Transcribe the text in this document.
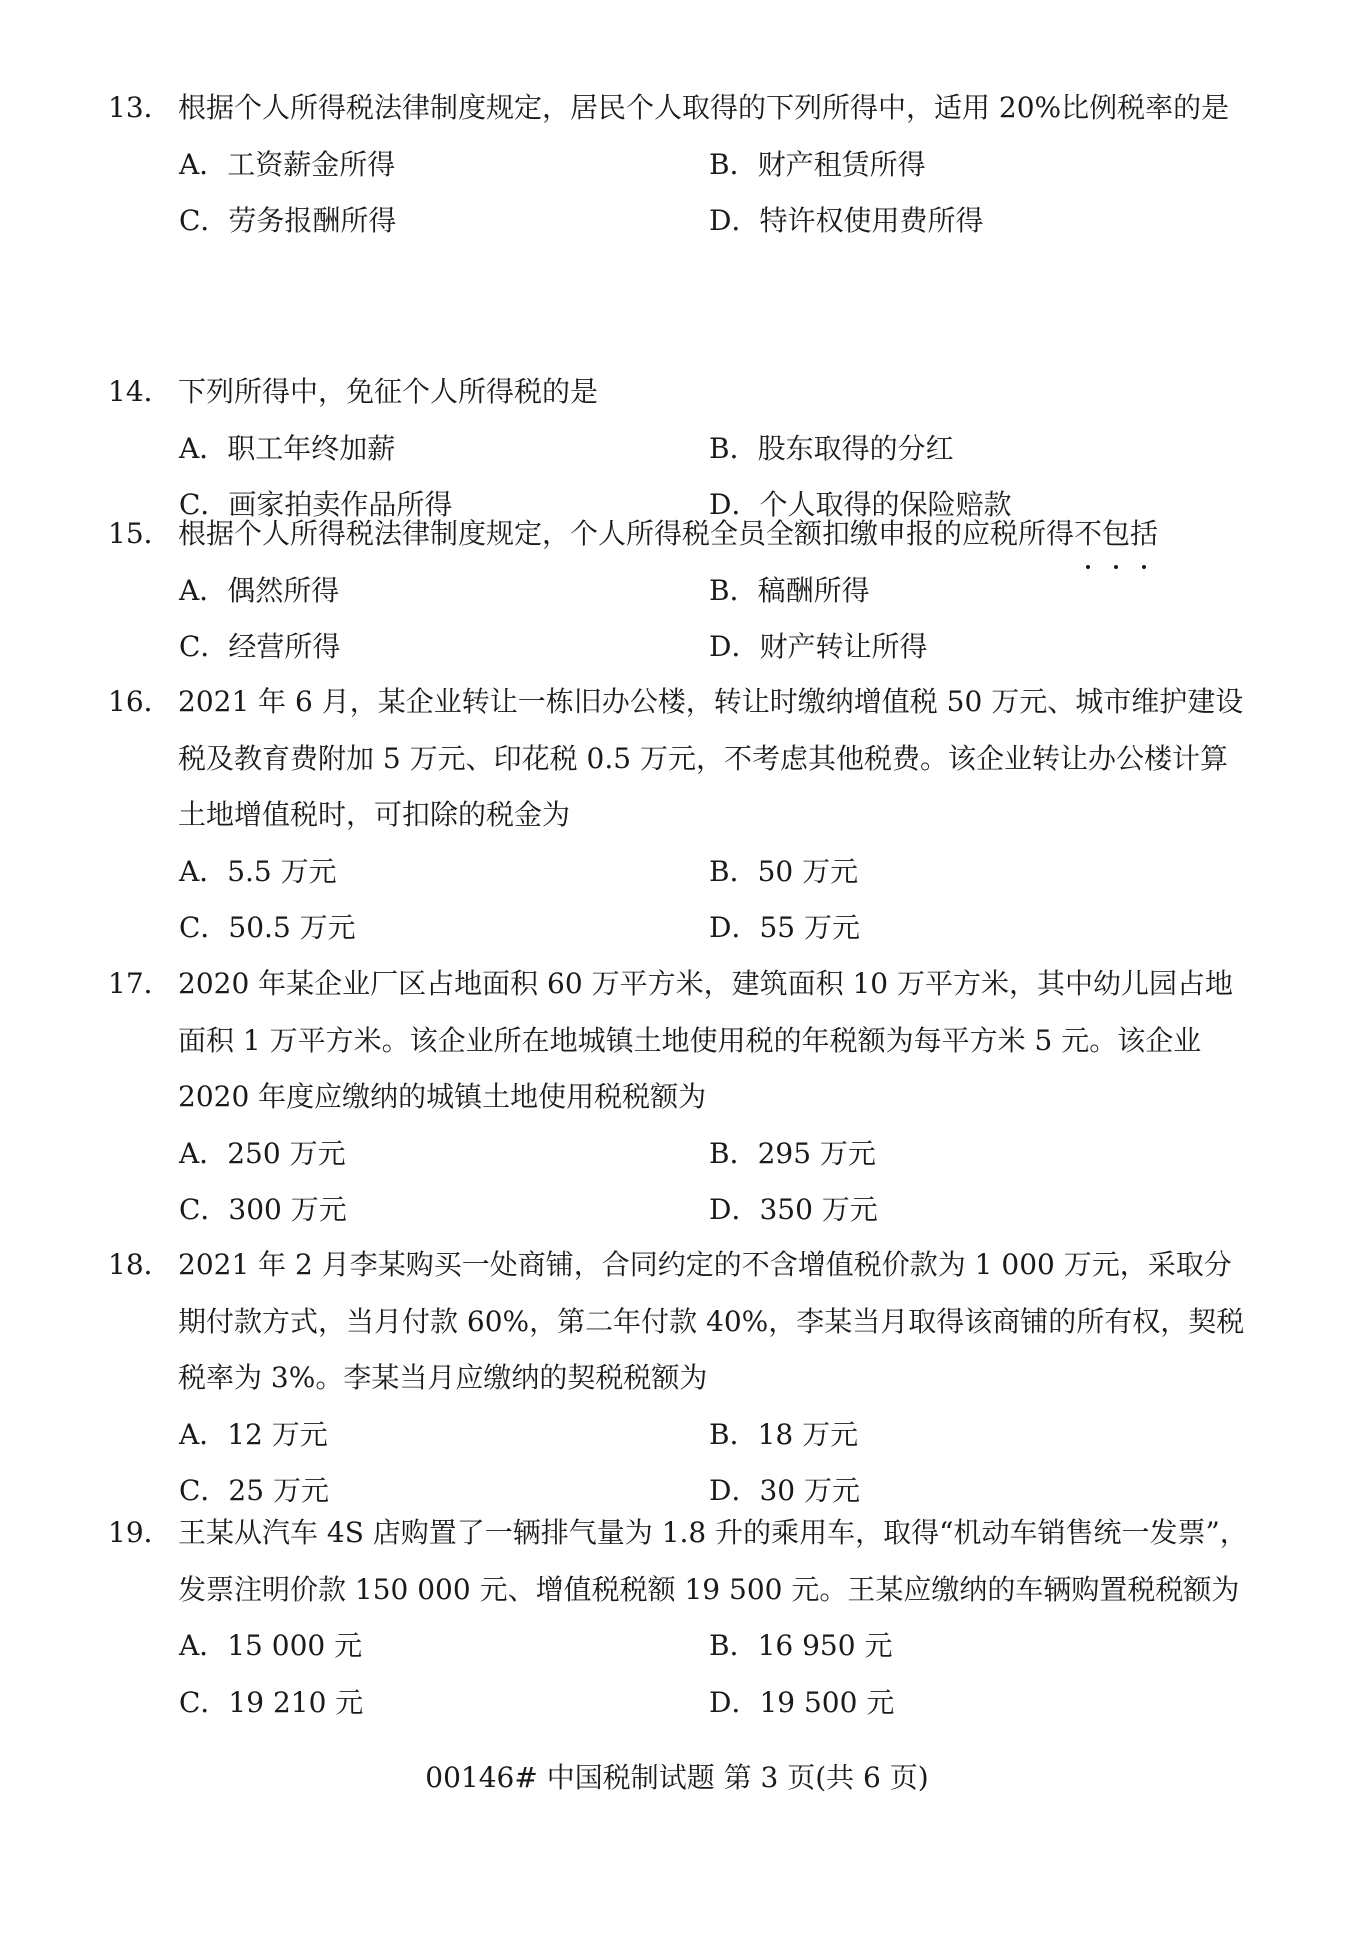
13． 根据个人所得税法律制度规定，居民个人取得的下列所得中，适用 20%比例税率的是
A．工资薪金所得	B．财产租赁所得
C．劳务报酬所得	D．特许权使用费所得
14． 下列所得中，免征个人所得税的是
A．职工年终加薪	B．股东取得的分红
C．画家拍卖作品所得	D．个人取得的保险赔款
15． 根据个人所得税法律制度规定，个人所得税全员全额扣缴申报的应税所得不包括
A．偶然所得	B．稿酬所得
C．经营所得	D．财产转让所得
16． 2021 年 6 月，某企业转让一栋旧办公楼，转让时缴纳增值税 50 万元、城市维护建设税及教育费附加 5 万元、印花税 0.5 万元，不考虑其他税费。该企业转让办公楼计算土地增值税时，可扣除的税金为
A．5.5 万元	B．50 万元
C．50.5 万元	D．55 万元
17． 2020 年某企业厂区占地面积 60 万平方米，建筑面积 10 万平方米，其中幼儿园占地面积 1 万平方米。该企业所在地城镇土地使用税的年税额为每平方米 5 元。该企业 2020 年度应缴纳的城镇土地使用税税额为
A．250 万元	B．295 万元
C．300 万元	D．350 万元
18． 2021 年 2 月李某购买一处商铺，合同约定的不含增值税价款为 1 000 万元，采取分期付款方式，当月付款 60%，第二年付款 40%，李某当月取得该商铺的所有权，契税税率为 3%。李某当月应缴纳的契税税额为
A．12 万元	B．18 万元
C．25 万元	D．30 万元
19． 王某从汽车 4S 店购置了一辆排气量为 1.8 升的乘用车，取得“机动车销售统一发票”，发票注明价款 150 000 元、增值税税额 19 500 元。王某应缴纳的车辆购置税税额为
A．15 000 元	B．16 950 元
C．19 210 元	D．19 500 元
00146# 中国税制试题 第 3 页(共 6 页)
